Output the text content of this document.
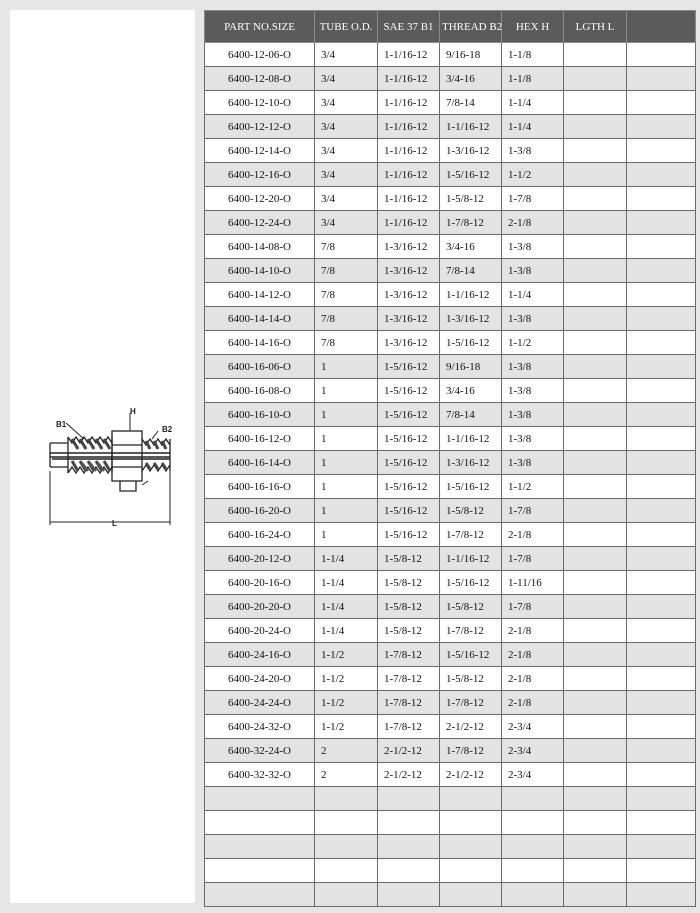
B1
H
B2
L
PART NO.SIZE	TUBE O.D.	SAE 37 B1	THREAD B2	HEX H	LGTH L	
6400-12-06-O	3/4	1-1/16-12	9/16-18	1-1/8		
6400-12-08-O	3/4	1-1/16-12	3/4-16	1-1/8		
6400-12-10-O	3/4	1-1/16-12	7/8-14	1-1/4		
6400-12-12-O	3/4	1-1/16-12	1-1/16-12	1-1/4		
6400-12-14-O	3/4	1-1/16-12	1-3/16-12	1-3/8		
6400-12-16-O	3/4	1-1/16-12	1-5/16-12	1-1/2		
6400-12-20-O	3/4	1-1/16-12	1-5/8-12	1-7/8		
6400-12-24-O	3/4	1-1/16-12	1-7/8-12	2-1/8		
6400-14-08-O	7/8	1-3/16-12	3/4-16	1-3/8		
6400-14-10-O	7/8	1-3/16-12	7/8-14	1-3/8		
6400-14-12-O	7/8	1-3/16-12	1-1/16-12	1-1/4		
6400-14-14-O	7/8	1-3/16-12	1-3/16-12	1-3/8		
6400-14-16-O	7/8	1-3/16-12	1-5/16-12	1-1/2		
6400-16-06-O	1	1-5/16-12	9/16-18	1-3/8		
6400-16-08-O	1	1-5/16-12	3/4-16	1-3/8		
6400-16-10-O	1	1-5/16-12	7/8-14	1-3/8		
6400-16-12-O	1	1-5/16-12	1-1/16-12	1-3/8		
6400-16-14-O	1	1-5/16-12	1-3/16-12	1-3/8		
6400-16-16-O	1	1-5/16-12	1-5/16-12	1-1/2		
6400-16-20-O	1	1-5/16-12	1-5/8-12	1-7/8		
6400-16-24-O	1	1-5/16-12	1-7/8-12	2-1/8		
6400-20-12-O	1-1/4	1-5/8-12	1-1/16-12	1-7/8		
6400-20-16-O	1-1/4	1-5/8-12	1-5/16-12	1-11/16		
6400-20-20-O	1-1/4	1-5/8-12	1-5/8-12	1-7/8		
6400-20-24-O	1-1/4	1-5/8-12	1-7/8-12	2-1/8		
6400-24-16-O	1-1/2	1-7/8-12	1-5/16-12	2-1/8		
6400-24-20-O	1-1/2	1-7/8-12	1-5/8-12	2-1/8		
6400-24-24-O	1-1/2	1-7/8-12	1-7/8-12	2-1/8		
6400-24-32-O	1-1/2	1-7/8-12	2-1/2-12	2-3/4		
6400-32-24-O	2	2-1/2-12	1-7/8-12	2-3/4		
6400-32-32-O	2	2-1/2-12	2-1/2-12	2-3/4		
